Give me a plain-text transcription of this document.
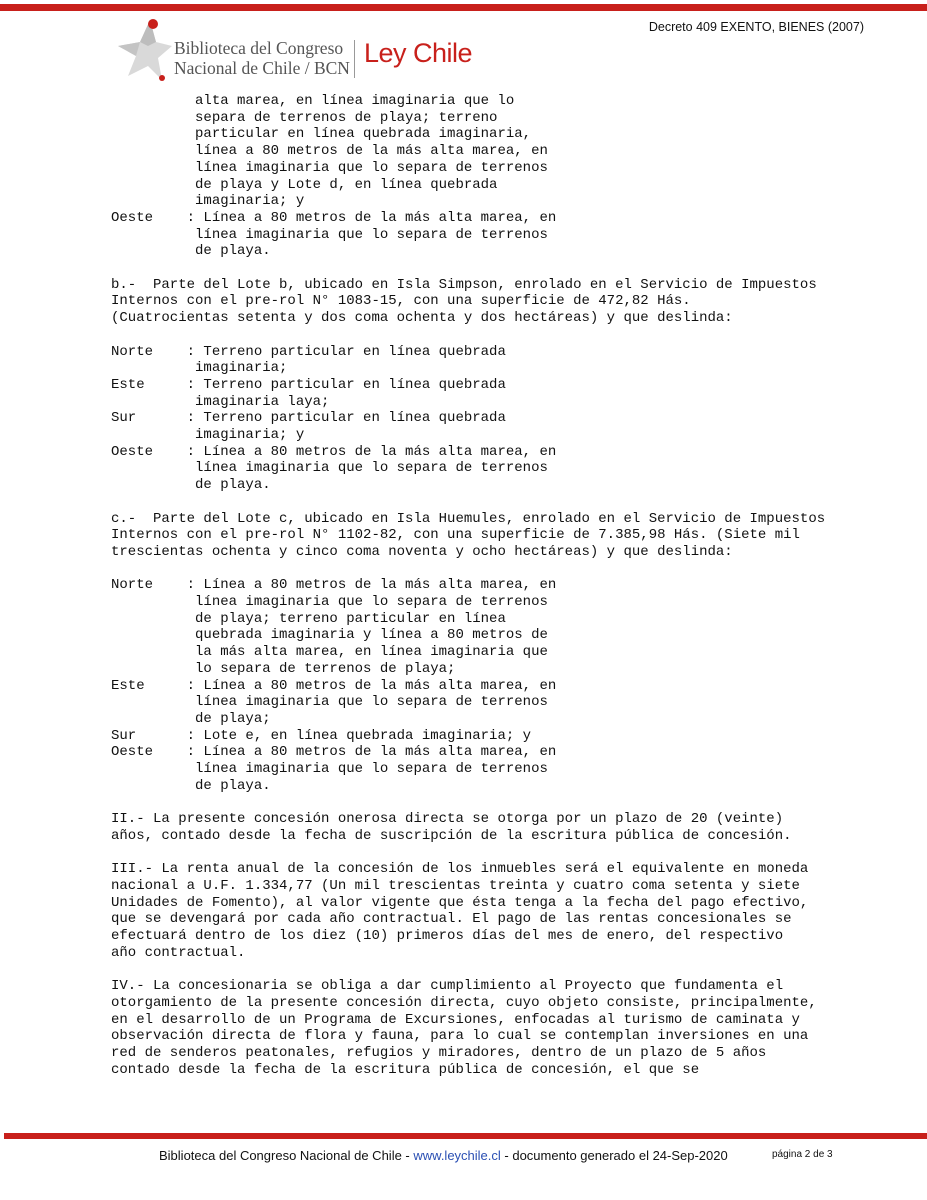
Biblioteca del Congreso
Nacional de Chile / BCN Ley Chile
Decreto 409 EXENTO, BIENES (2007)
alta marea, en línea imaginaria que lo
separa de terrenos de playa; terreno
particular en línea quebrada imaginaria,
línea a 80 metros de la más alta marea, en
línea imaginaria que lo separa de terrenos
de playa y Lote d, en línea quebrada
imaginaria; y
Oeste    : Línea a 80 metros de la más alta marea, en
línea imaginaria que lo separa de terrenos
de playa.
b.-  Parte del Lote b, ubicado en Isla Simpson, enrolado en el Servicio de Impuestos
Internos con el pre-rol N° 1083-15, con una superficie de 472,82 Hás.
(Cuatrocientas setenta y dos coma ochenta y dos hectáreas) y que deslinda:
Norte    : Terreno particular en línea quebrada
imaginaria;
Este     : Terreno particular en línea quebrada
imaginaria laya;
Sur      : Terreno particular en línea quebrada
imaginaria; y
Oeste    : Línea a 80 metros de la más alta marea, en
línea imaginaria que lo separa de terrenos
de playa.
c.-  Parte del Lote c, ubicado en Isla Huemules, enrolado en el Servicio de Impuestos
Internos con el pre-rol N° 1102-82, con una superficie de 7.385,98 Hás. (Siete mil
trescientas ochenta y cinco coma noventa y ocho hectáreas) y que deslinda:
Norte    : Línea a 80 metros de la más alta marea, en
línea imaginaria que lo separa de terrenos
de playa; terreno particular en línea
quebrada imaginaria y línea a 80 metros de
la más alta marea, en línea imaginaria que
lo separa de terrenos de playa;
Este     : Línea a 80 metros de la más alta marea, en
línea imaginaria que lo separa de terrenos
de playa;
Sur      : Lote e, en línea quebrada imaginaria; y
Oeste    : Línea a 80 metros de la más alta marea, en
línea imaginaria que lo separa de terrenos
de playa.
II.- La presente concesión onerosa directa se otorga por un plazo de 20 (veinte)
años, contado desde la fecha de suscripción de la escritura pública de concesión.
III.- La renta anual de la concesión de los inmuebles será el equivalente en moneda
nacional a U.F. 1.334,77 (Un mil trescientas treinta y cuatro coma setenta y siete
Unidades de Fomento), al valor vigente que ésta tenga a la fecha del pago efectivo,
que se devengará por cada año contractual. El pago de las rentas concesionales se
efectuará dentro de los diez (10) primeros días del mes de enero, del respectivo
año contractual.
IV.- La concesionaria se obliga a dar cumplimiento al Proyecto que fundamenta el
otorgamiento de la presente concesión directa, cuyo objeto consiste, principalmente,
en el desarrollo de un Programa de Excursiones, enfocadas al turismo de caminata y
observación directa de flora y fauna, para lo cual se contemplan inversiones en una
red de senderos peatonales, refugios y miradores, dentro de un plazo de 5 años
contado desde la fecha de la escritura pública de concesión, el que se
Biblioteca del Congreso Nacional de Chile - www.leychile.cl - documento generado el 24-Sep-2020	página 2 de 3
